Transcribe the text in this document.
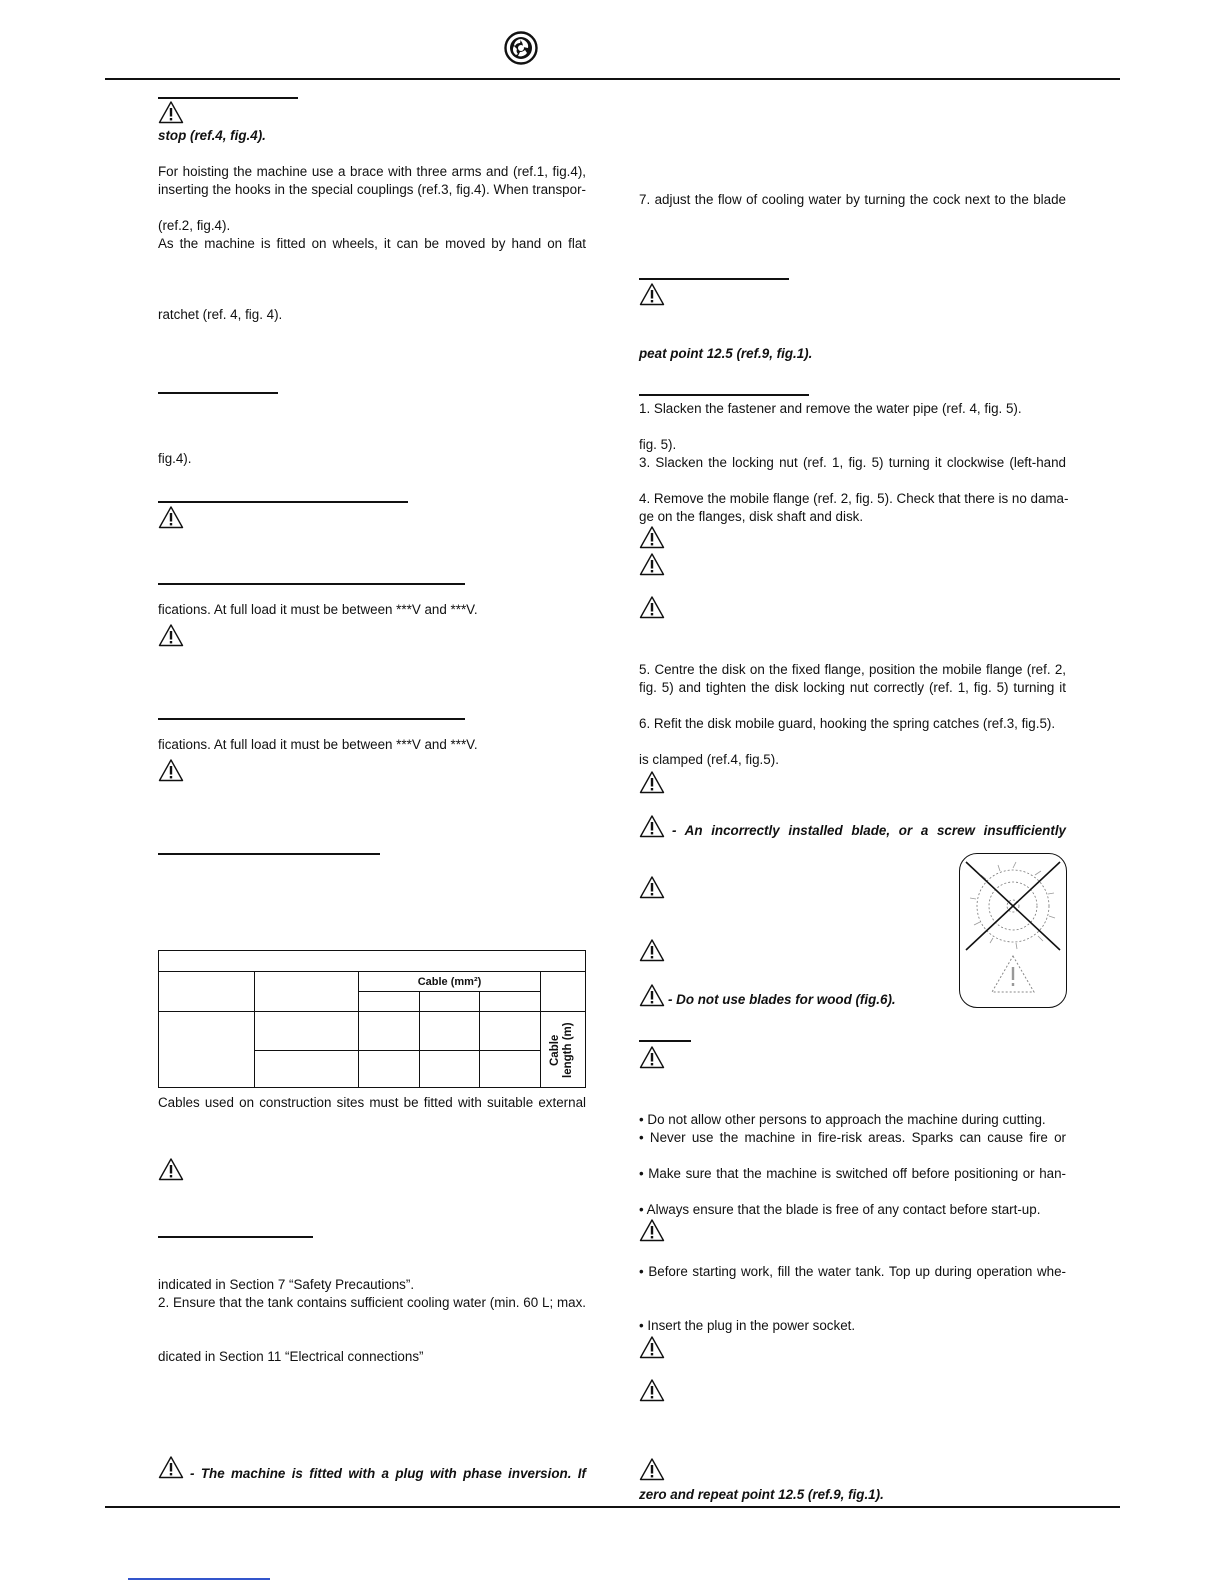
stop (ref.4, fig.4).
For hoisting the machine use a brace with three arms and (ref.1, fig.4),
inserting the hooks in the special couplings (ref.3, fig.4). When transpor-
(ref.2, fig.4).
As the machine is fitted on wheels, it can be moved by hand on flat
ratchet (ref. 4, fig. 4).
fig.4).
fications. At full load it must be between ***V and ***V.
fications. At full load it must be between ***V and ***V.

		Cable (mm²)			

					Cable length (m)

Cables used on construction sites must be fitted with suitable external
indicated in Section 7 “Safety Precautions”.
2. Ensure that the tank contains sufficient cooling water (min. 60 L; max.
dicated in Section 11 “Electrical connections”
- The machine is fitted with a plug with phase inversion. If
7. adjust the flow of cooling water by turning the cock next to the blade
peat point 12.5 (ref.9, fig.1).
1. Slacken the fastener and remove the water pipe (ref. 4, fig. 5).
fig. 5).
3. Slacken the locking nut (ref. 1, fig. 5) turning it clockwise (left-hand
4. Remove the mobile flange (ref. 2, fig. 5). Check that there is no dama-
ge on the flanges, disk shaft and disk.
5. Centre the disk on the fixed flange, position the mobile flange (ref. 2,
fig. 5) and tighten the disk locking nut correctly (ref. 1, fig. 5) turning it
6. Refit the disk mobile guard, hooking the spring catches (ref.3, fig.5).
is clamped (ref.4, fig.5).
- An incorrectly installed blade, or a screw insufficiently
- Do not use blades for wood (fig.6).
• Do not allow other persons to approach the machine during cutting.
• Never use the machine in fire-risk areas. Sparks can cause fire or
• Make sure that the machine is switched off before positioning or han-
• Always ensure that the blade is free of any contact before start-up.
• Before starting work, fill the water tank. Top up during operation whe-
• Insert the plug in the power socket.
zero and repeat point 12.5 (ref.9, fig.1).
